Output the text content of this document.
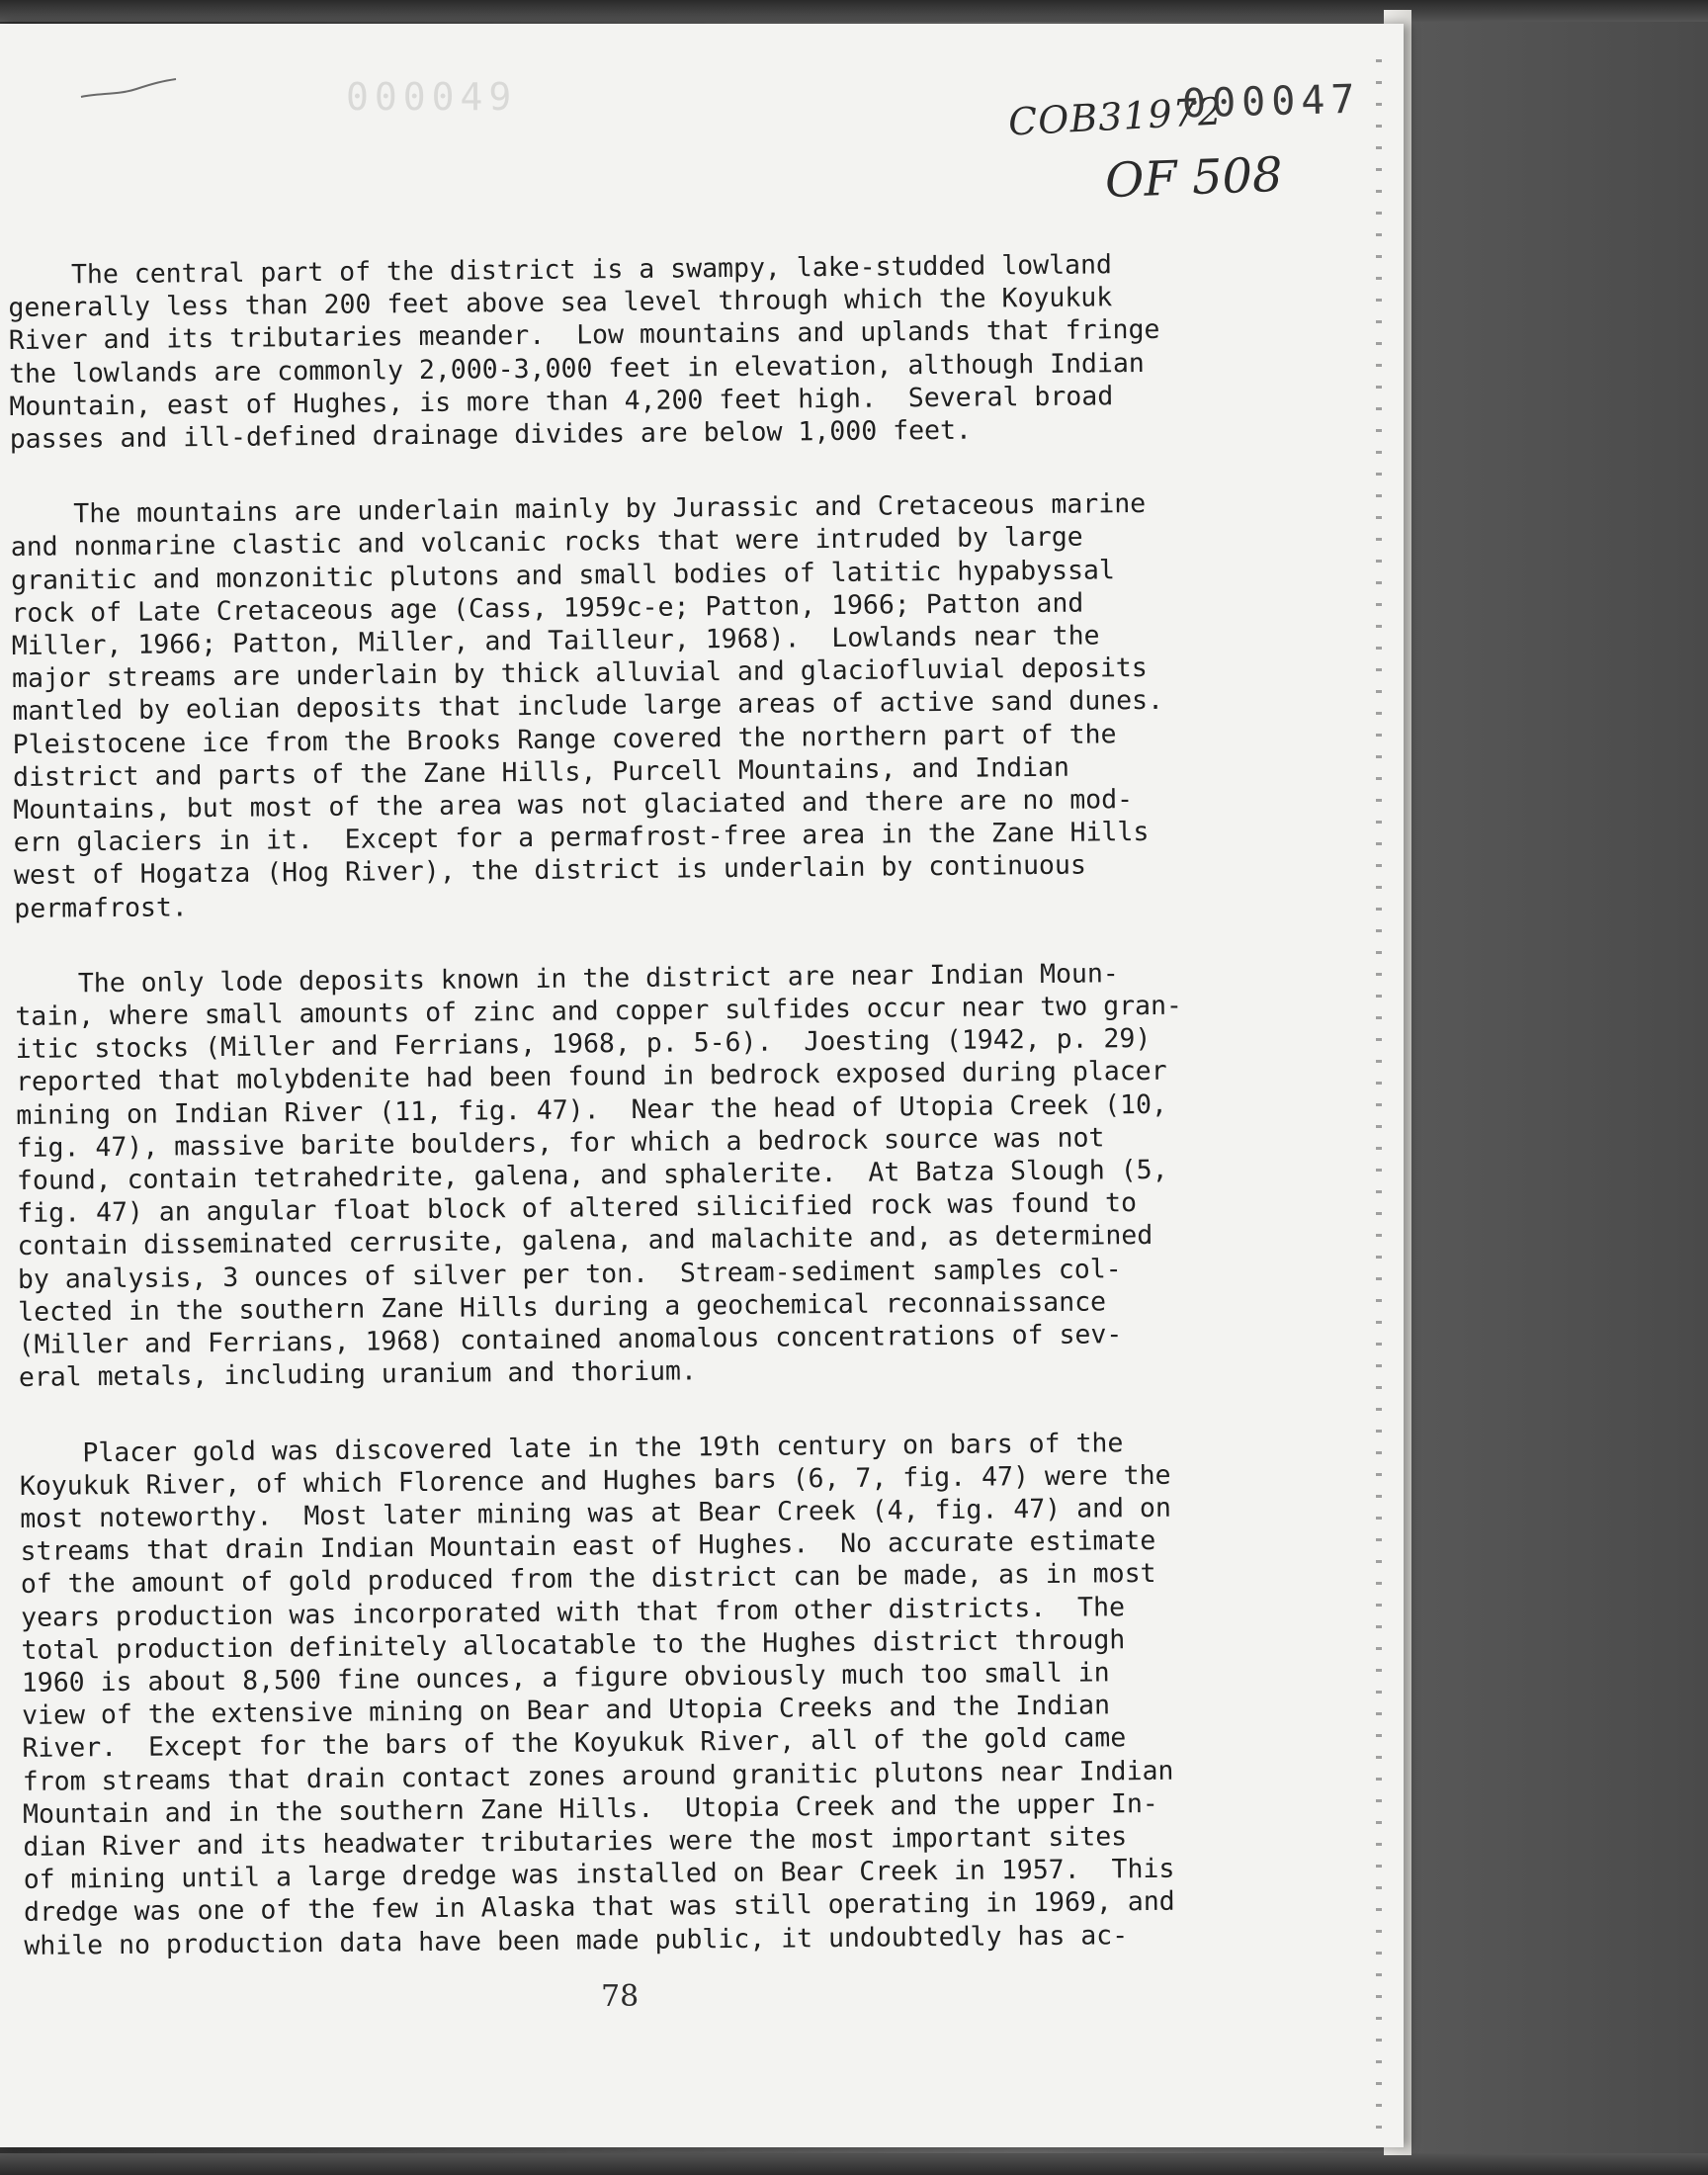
000049	COB31972
000047
OF 508

The central part of the district is a swampy, lake-studded lowland
generally less than 200 feet above sea level through which the Koyukuk
River and its tributaries meander.  Low mountains and uplands that fringe
the lowlands are commonly 2,000-3,000 feet in elevation, although Indian
Mountain, east of Hughes, is more than 4,200 feet high.  Several broad
passes and ill-defined drainage divides are below 1,000 feet.

The mountains are underlain mainly by Jurassic and Cretaceous marine
and nonmarine clastic and volcanic rocks that were intruded by large
granitic and monzonitic plutons and small bodies of latitic hypabyssal
rock of Late Cretaceous age (Cass, 1959c-e; Patton, 1966; Patton and
Miller, 1966; Patton, Miller, and Tailleur, 1968).  Lowlands near the
major streams are underlain by thick alluvial and glaciofluvial deposits
mantled by eolian deposits that include large areas of active sand dunes.
Pleistocene ice from the Brooks Range covered the northern part of the
district and parts of the Zane Hills, Purcell Mountains, and Indian
Mountains, but most of the area was not glaciated and there are no mod-
ern glaciers in it.  Except for a permafrost-free area in the Zane Hills
west of Hogatza (Hog River), the district is underlain by continuous
permafrost.

The only lode deposits known in the district are near Indian Moun-
tain, where small amounts of zinc and copper sulfides occur near two gran-
itic stocks (Miller and Ferrians, 1968, p. 5-6).  Joesting (1942, p. 29)
reported that molybdenite had been found in bedrock exposed during placer
mining on Indian River (11, fig. 47).  Near the head of Utopia Creek (10,
fig. 47), massive barite boulders, for which a bedrock source was not
found, contain tetrahedrite, galena, and sphalerite.  At Batza Slough (5,
fig. 47) an angular float block of altered silicified rock was found to
contain disseminated cerrusite, galena, and malachite and, as determined
by analysis, 3 ounces of silver per ton.  Stream-sediment samples col-
lected in the southern Zane Hills during a geochemical reconnaissance
(Miller and Ferrians, 1968) contained anomalous concentrations of sev-
eral metals, including uranium and thorium.

Placer gold was discovered late in the 19th century on bars of the
Koyukuk River, of which Florence and Hughes bars (6, 7, fig. 47) were the
most noteworthy.  Most later mining was at Bear Creek (4, fig. 47) and on
streams that drain Indian Mountain east of Hughes.  No accurate estimate
of the amount of gold produced from the district can be made, as in most
years production was incorporated with that from other districts.  The
total production definitely allocatable to the Hughes district through
1960 is about 8,500 fine ounces, a figure obviously much too small in
view of the extensive mining on Bear and Utopia Creeks and the Indian
River.  Except for the bars of the Koyukuk River, all of the gold came
from streams that drain contact zones around granitic plutons near Indian
Mountain and in the southern Zane Hills.  Utopia Creek and the upper In-
dian River and its headwater tributaries were the most important sites
of mining until a large dredge was installed on Bear Creek in 1957.  This
dredge was one of the few in Alaska that was still operating in 1969, and
while no production data have been made public, it undoubtedly has ac-

78
